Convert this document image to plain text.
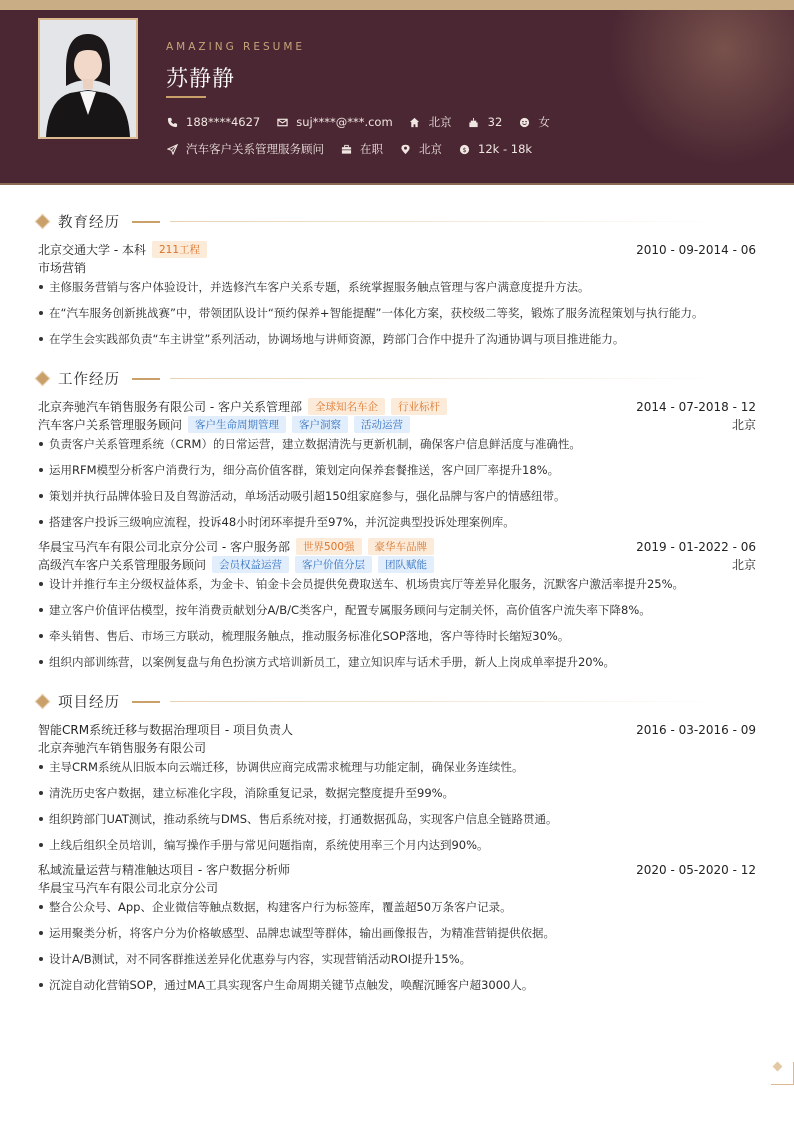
AMAZING RESUME
苏静静
188****4627	suj****@***.com	北京	32	女
汽车客户关系管理服务顾问	在职	北京	$ 12k - 18k
教育经历
北京交通大学 - 本科	211工程	2010 - 09-2014 - 06
市场营销
主修服务营销与客户体验设计，并选修汽车客户关系专题，系统掌握服务触点管理与客户满意度提升方法。
在“汽车服务创新挑战赛”中，带领团队设计“预约保养+智能提醒”一体化方案，获校级二等奖，锻炼了服务流程策划与执行能力。
在学生会实践部负责“车主讲堂”系列活动，协调场地与讲师资源，跨部门合作中提升了沟通协调与项目推进能力。
工作经历
北京奔驰汽车销售服务有限公司 - 客户关系管理部	全球知名车企	行业标杆	2014 - 07-2018 - 12
汽车客户关系管理服务顾问	客户生命周期管理	客户洞察	活动运营	北京
负责客户关系管理系统（CRM）的日常运营，建立数据清洗与更新机制，确保客户信息鲜活度与准确性。
运用RFM模型分析客户消费行为，细分高价值客群，策划定向保养套餐推送，客户回厂率提升18%。
策划并执行品牌体验日及自驾游活动，单场活动吸引超150组家庭参与，强化品牌与客户的情感纽带。
搭建客户投诉三级响应流程，投诉48小时闭环率提升至97%，并沉淀典型投诉处理案例库。
华晨宝马汽车有限公司北京分公司 - 客户服务部	世界500强	豪华车品牌	2019 - 01-2022 - 06
高级汽车客户关系管理服务顾问	会员权益运营	客户价值分层	团队赋能	北京
设计并推行车主分级权益体系，为金卡、铂金卡会员提供免费取送车、机场贵宾厅等差异化服务，沉默客户激活率提升25%。
建立客户价值评估模型，按年消费贡献划分A/B/C类客户，配置专属服务顾问与定制关怀，高价值客户流失率下降8%。
牵头销售、售后、市场三方联动，梳理服务触点，推动服务标准化SOP落地，客户等待时长缩短30%。
组织内部训练营，以案例复盘与角色扮演方式培训新员工，建立知识库与话术手册，新人上岗成单率提升20%。
项目经历
智能CRM系统迁移与数据治理项目 - 项目负责人	2016 - 03-2016 - 09
北京奔驰汽车销售服务有限公司
主导CRM系统从旧版本向云端迁移，协调供应商完成需求梳理与功能定制，确保业务连续性。
清洗历史客户数据，建立标准化字段，消除重复记录，数据完整度提升至99%。
组织跨部门UAT测试，推动系统与DMS、售后系统对接，打通数据孤岛，实现客户信息全链路贯通。
上线后组织全员培训，编写操作手册与常见问题指南，系统使用率三个月内达到90%。
私域流量运营与精准触达项目 - 客户数据分析师	2020 - 05-2020 - 12
华晨宝马汽车有限公司北京分公司
整合公众号、App、企业微信等触点数据，构建客户行为标签库，覆盖超50万条客户记录。
运用聚类分析，将客户分为价格敏感型、品牌忠诚型等群体，输出画像报告，为精准营销提供依据。
设计A/B测试，对不同客群推送差异化优惠券与内容，实现营销活动ROI提升15%。
沉淀自动化营销SOP，通过MA工具实现客户生命周期关键节点触发，唤醒沉睡客户超3000人。
